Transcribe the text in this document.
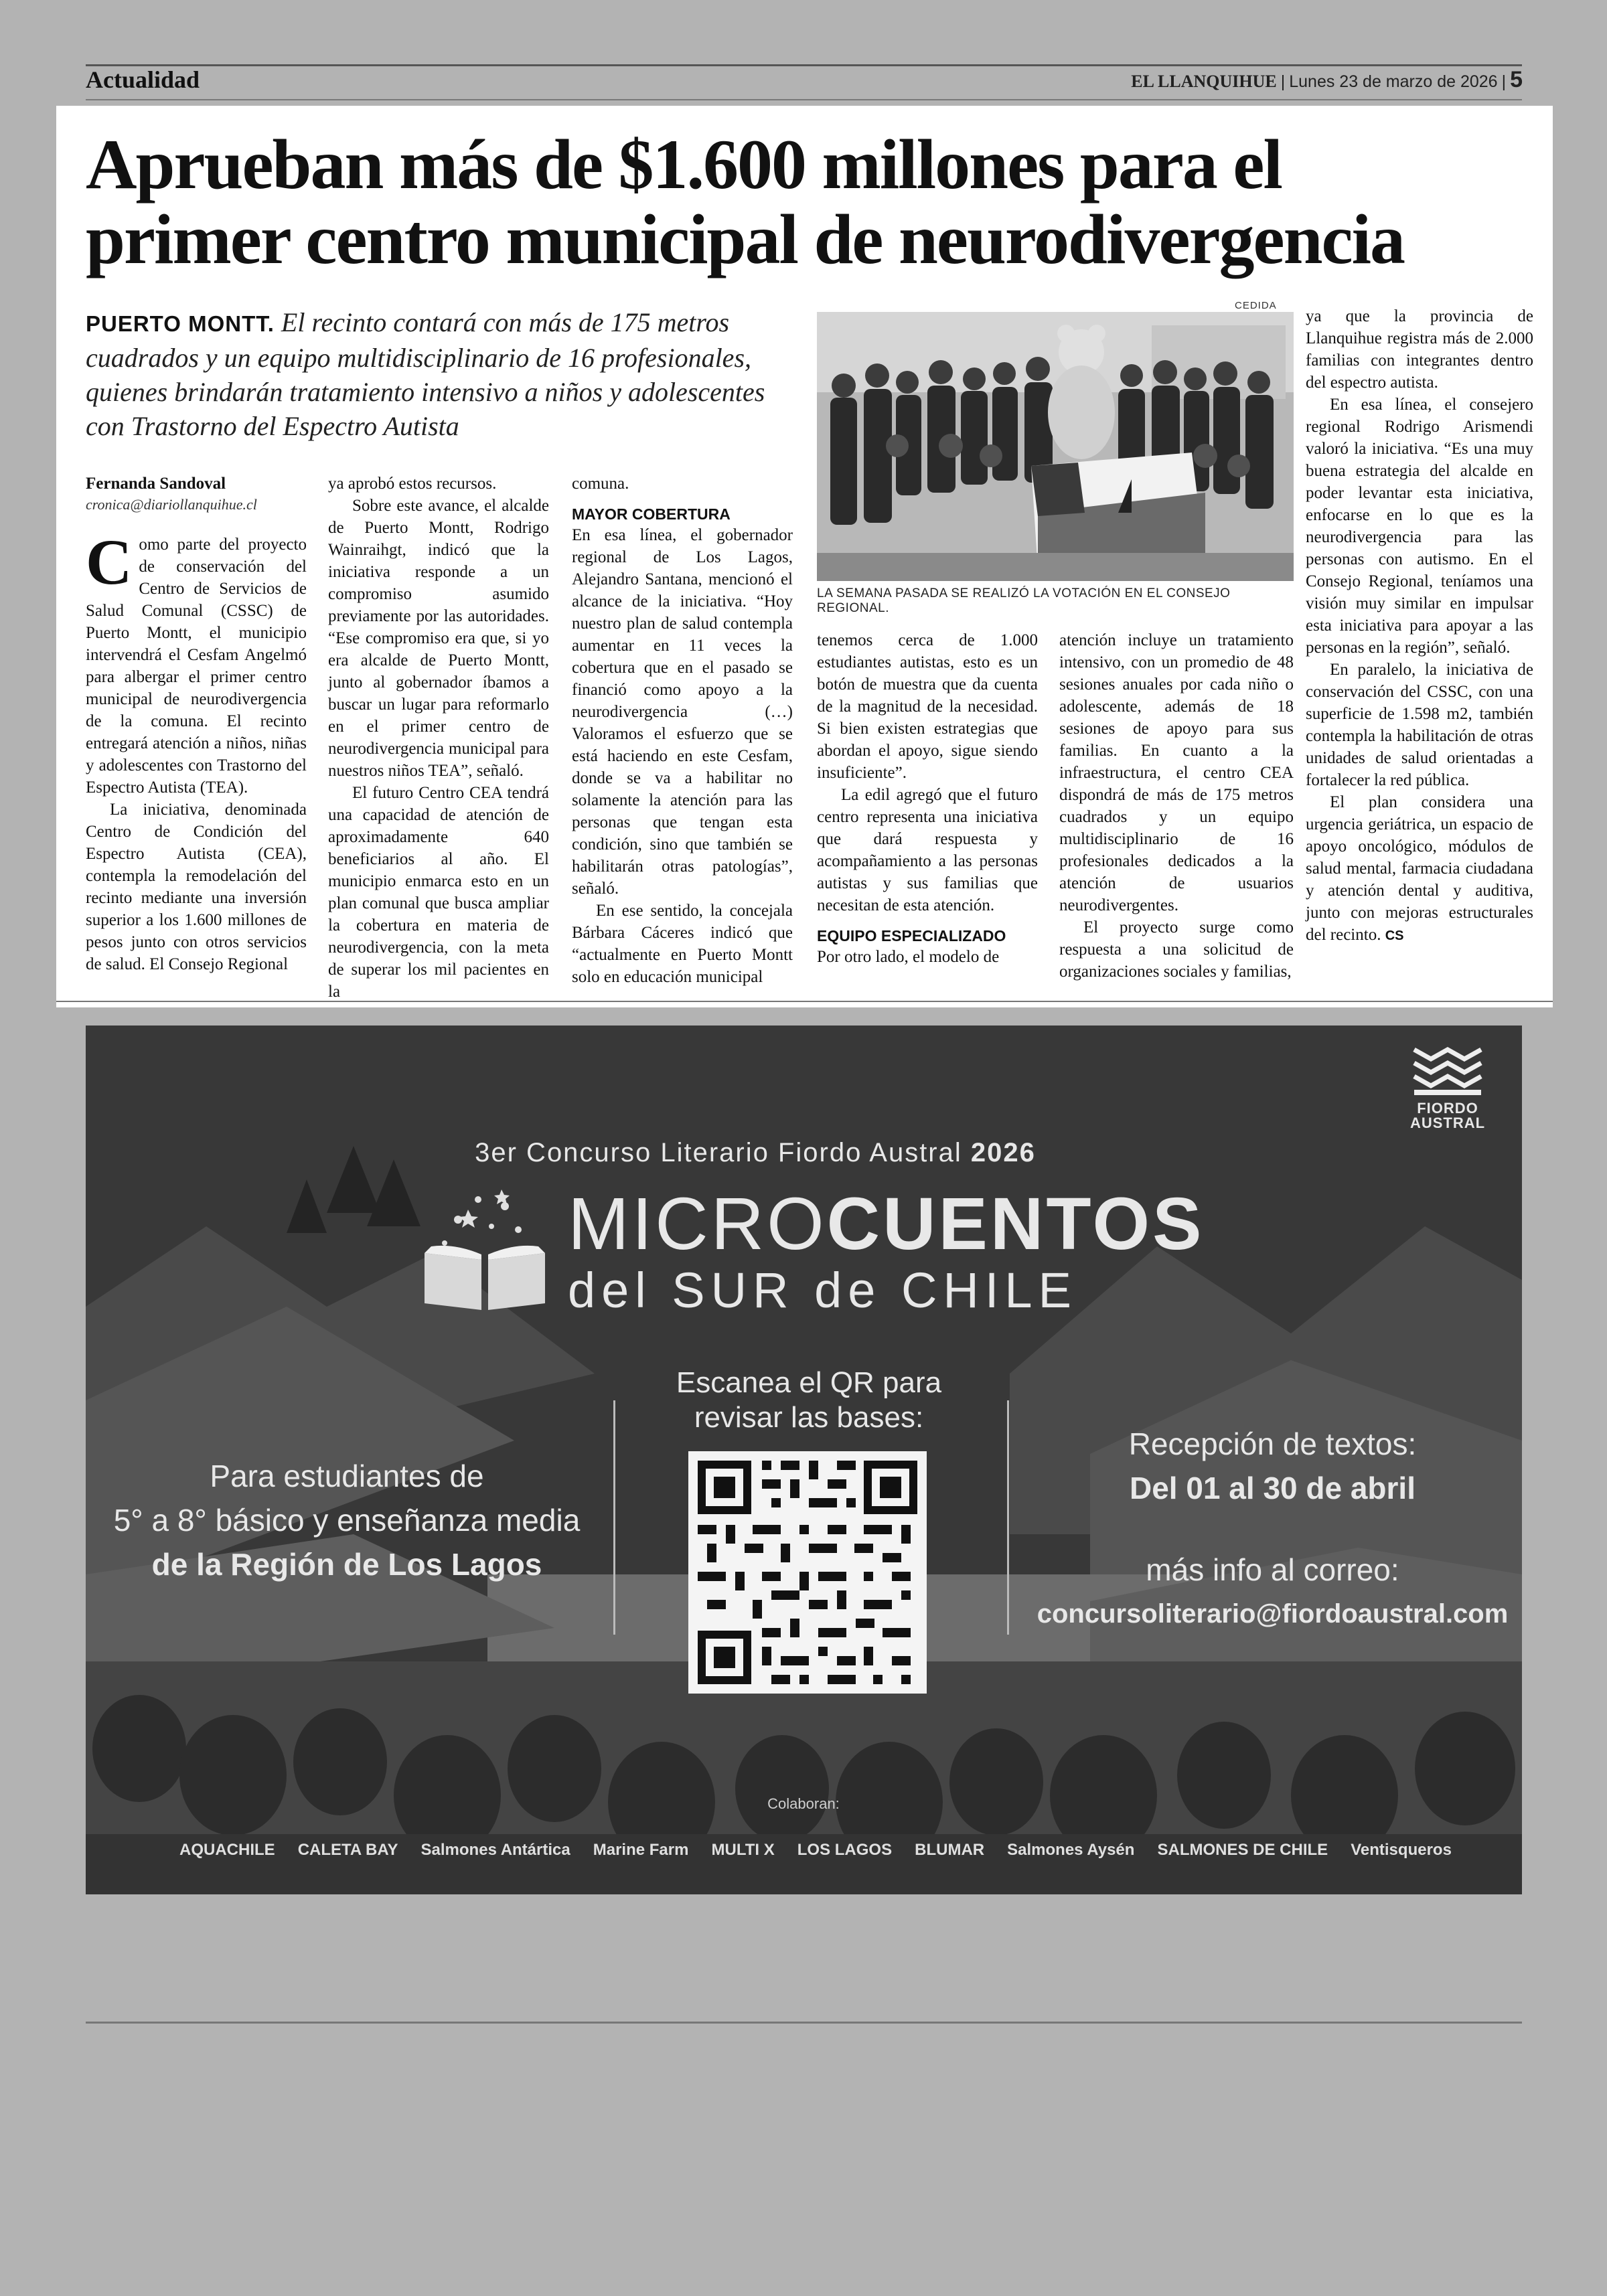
Actualidad	EL LLANQUIHUE | Lunes 23 de marzo de 2026 | 5
Aprueban más de $1.600 millones para el
primer centro municipal de neurodivergencia
PUERTO MONTT. El recinto contará con más de 175 metros cuadrados y un equipo multidisciplinario de 16 profesionales, quienes brindarán tratamiento intensivo a niños y adolescentes con Trastorno del Espectro Autista
Fernanda Sandoval
cronica@diariollanquihue.cl

Como parte del proyecto de conservación del Centro de Servicios de Salud Comunal (CSSC) de Puerto Montt, el municipio intervendrá el Cesfam Angelmó para albergar el primer centro municipal de neurodivergencia de la comuna. El recinto entregará atención a niños, niñas y adolescentes con Trastorno del Espectro Autista (TEA).

La iniciativa, denominada Centro de Condición del Espectro Autista (CEA), contempla la remodelación del recinto mediante una inversión superior a los 1.600 millones de pesos junto con otros servicios de salud. El Consejo Regional

ya aprobó estos recursos.

Sobre este avance, el alcalde de Puerto Montt, Rodrigo Wainraihgt, indicó que la iniciativa responde a un compromiso asumido previamente por las autoridades. “Ese compromiso era que, si yo era alcalde de Puerto Montt, junto al gobernador íbamos a buscar un lugar para reformarlo en el primer centro de neurodivergencia municipal para nuestros niños TEA”, señaló.

El futuro Centro CEA tendrá una capacidad de atención de aproximadamente 640 beneficiarios al año. El municipio enmarca esto en un plan comunal que busca ampliar la cobertura en materia de neurodivergencia, con la meta de superar los mil pacientes en la

comuna.

MAYOR COBERTURA

En esa línea, el gobernador regional de Los Lagos, Alejandro Santana, mencionó el alcance de la iniciativa. “Hoy nuestro plan de salud contempla aumentar en 11 veces la cobertura que en el pasado se financió como apoyo a la neurodivergencia (…) Valoramos el esfuerzo que se está haciendo en este Cesfam, donde se va a habilitar no solamente la atención para las personas que tengan esta condición, sino que también se habilitarán otras patologías”, señaló.

En ese sentido, la concejala Bárbara Cáceres indicó que “actualmente en Puerto Montt solo en educación municipal

CEDIDA
LA SEMANA PASADA SE REALIZÓ LA VOTACIÓN EN EL CONSEJO REGIONAL.

tenemos cerca de 1.000 estudiantes autistas, esto es un botón de muestra que da cuenta de la magnitud de la necesidad. Si bien existen estrategias que abordan el apoyo, sigue siendo insuficiente”.

La edil agregó que el futuro centro representa una iniciativa que dará respuesta y acompañamiento a las personas autistas y sus familias que necesitan de esta atención.

EQUIPO ESPECIALIZADO

Por otro lado, el modelo de

atención incluye un tratamiento intensivo, con un promedio de 48 sesiones anuales por cada niño o adolescente, además de 18 sesiones de apoyo para sus familias. En cuanto a la infraestructura, el centro CEA dispondrá de más de 175 metros cuadrados y un equipo multidisciplinario de 16 profesionales dedicados a la atención de usuarios neurodivergentes.

El proyecto surge como respuesta a una solicitud de organizaciones sociales y familias,

ya que la provincia de Llanquihue registra más de 2.000 familias con integrantes dentro del espectro autista.

En esa línea, el consejero regional Rodrigo Arismendi valoró la iniciativa. “Es una muy buena estrategia del alcalde en poder levantar esta iniciativa, enfocarse en lo que es la neurodivergencia para las personas con autismo. En el Consejo Regional, teníamos una visión muy similar en impulsar esta iniciativa para apoyar a las personas en la región”, señaló.

En paralelo, la iniciativa de conservación del CSSC, con una superficie de 1.598 m2, también contempla la habilitación de otras unidades de salud orientadas a fortalecer la red pública.

El plan considera una urgencia geriátrica, un espacio de apoyo oncológico, módulos de salud mental, farmacia ciudadana y atención dental y auditiva, junto con mejoras estructurales del recinto. CS

FIORDO AUSTRAL
3er Concurso Literario Fiordo Austral 2026
MICROCUENTOS
del SUR de CHILE
Para estudiantes de
5° a 8° básico y enseñanza media
de la Región de Los Lagos
Escanea el QR para
revisar las bases:
Recepción de textos:
Del 01 al 30 de abril
más info al correo:
concursoliterario@fiordoaustral.com
Colaboran:
AQUACHILE CALETA BAY Salmones Antártica Marine Farm MULTI X LOS LAGOS BLUMAR Salmones Aysén SALMONES DE CHILE Ventisqueros
